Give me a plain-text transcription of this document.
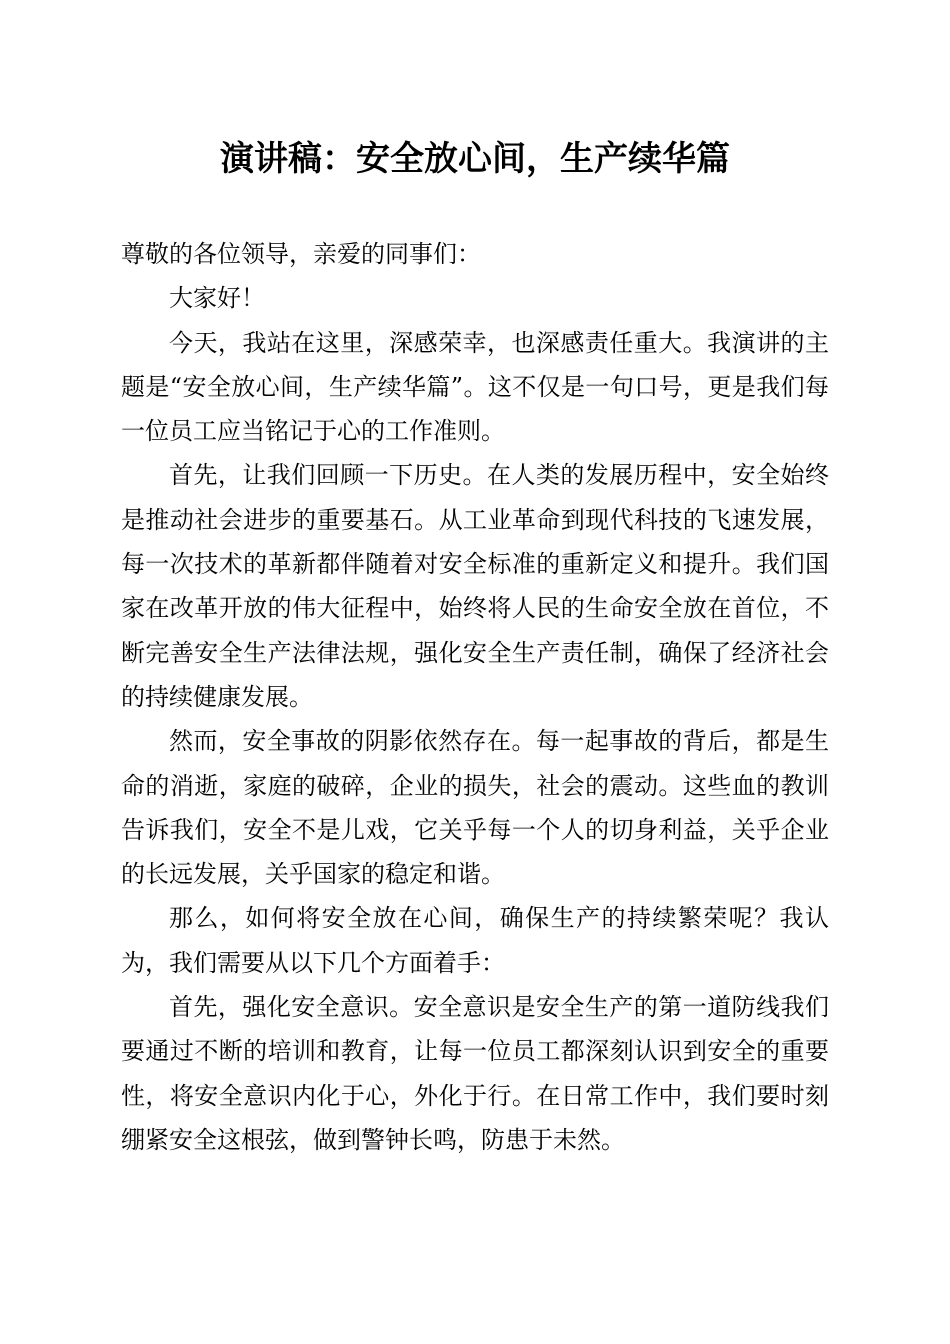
演讲稿：安全放心间，生产续华篇

尊敬的各位领导，亲爱的同事们：

大家好！

今天，我站在这里，深感荣幸，也深感责任重大。我演讲的主题是“安全放心间，生产续华篇”。这不仅是一句口号，更是我们每一位员工应当铭记于心的工作准则。

首先，让我们回顾一下历史。在人类的发展历程中，安全始终是推动社会进步的重要基石。从工业革命到现代科技的飞速发展，每一次技术的革新都伴随着对安全标准的重新定义和提升。我们国家在改革开放的伟大征程中，始终将人民的生命安全放在首位，不断完善安全生产法律法规，强化安全生产责任制，确保了经济社会的持续健康发展。

然而，安全事故的阴影依然存在。每一起事故的背后，都是生命的消逝，家庭的破碎，企业的损失，社会的震动。这些血的教训告诉我们，安全不是儿戏，它关乎每一个人的切身利益，关乎企业的长远发展，关乎国家的稳定和谐。

那么，如何将安全放在心间，确保生产的持续繁荣呢？我认为，我们需要从以下几个方面着手：

首先，强化安全意识。安全意识是安全生产的第一道防线我们要通过不断的培训和教育，让每一位员工都深刻认识到安全的重要性，将安全意识内化于心，外化于行。在日常工作中，我们要时刻绷紧安全这根弦，做到警钟长鸣，防患于未然。
